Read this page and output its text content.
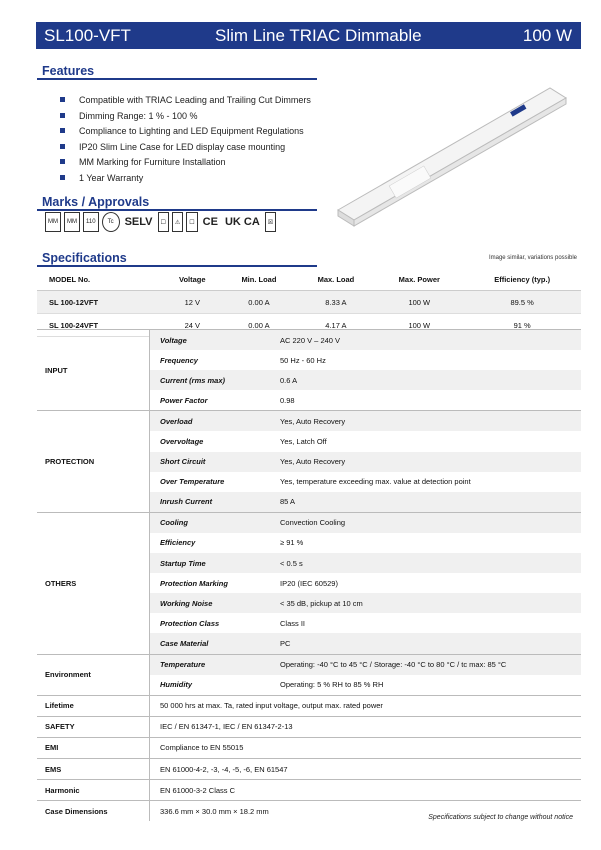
SL100-VFT	Slim Line TRIAC Dimmable	100 W
Features
Compatible with TRIAC Leading and Trailing Cut Dimmers
Dimming Range: 1 % - 100 %
Compliance to Lighting and LED Equipment Regulations
IP20 Slim Line Case for LED display case mounting
MM Marking for Furniture Installation
1 Year Warranty
Marks / Approvals
MM	MM	110	Tc	SELV	☐	⚠	☐ CE UK CA	☒
Specifications	Image similar, variations possible
MODEL No.	Voltage	Min. Load	Max. Load	Max. Power	Efficiency (typ.)
SL 100-12VFT	12 V	0.00 A	8.33 A	100 W	89.5 %
SL 100-24VFT	24 V	0.00 A	4.17 A	100 W	91 %
INPUT	Voltage	AC 220 V – 240 V
	Frequency	50 Hz - 60 Hz
	Current (rms max)	0.6 A
	Power Factor	0.98
PROTECTION	Overload	Yes, Auto Recovery
	Overvoltage	Yes, Latch Off
	Short Circuit	Yes, Auto Recovery
	Over Temperature	Yes, temperature exceeding max. value at detection point
	Inrush Current	85 A
OTHERS	Cooling	Convection Cooling
	Efficiency	≥ 91 %
	Startup Time	< 0.5 s
	Protection Marking	IP20 (IEC 60529)
	Working Noise	< 35 dB, pickup at 10 cm
	Protection Class	Class II
	Case Material	PC
Environment	Temperature	Operating: -40 °C to 45 °C / Storage: -40 °C to 80 °C / tc max: 85 °C
	Humidity	Operating: 5 % RH to 85 % RH
Lifetime	50 000 hrs at max. Ta, rated input voltage, output max. rated power	
SAFETY	IEC / EN 61347-1, IEC / EN 61347-2-13	
EMI	Compliance to EN 55015	
EMS	EN 61000-4-2, -3, -4, -5, -6, EN 61547	
Harmonic	EN 61000-3-2 Class C	
Case Dimensions	336.6 mm × 30.0 mm × 18.2 mm	
Specifications subject to change without notice
